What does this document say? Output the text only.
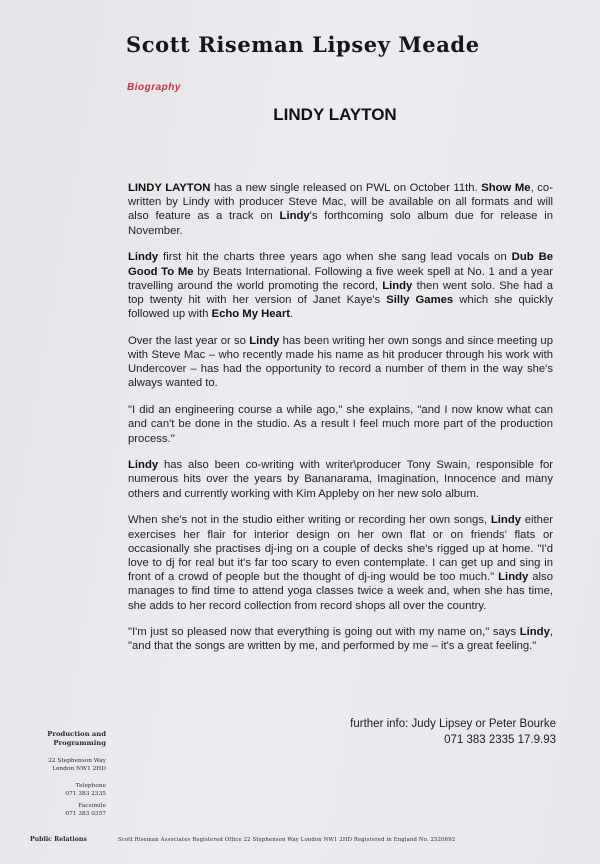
Scott Riseman Lipsey Meade
Biography
LINDY LAYTON

LINDY LAYTON has a new single released on PWL on October 11th. Show Me, co-written by Lindy with producer Steve Mac, will be available on all formats and will also feature as a track on Lindy's forthcoming solo album due for release in November.

Lindy first hit the charts three years ago when she sang lead vocals on Dub Be Good To Me by Beats International. Following a five week spell at No. 1 and a year travelling around the world promoting the record, Lindy then went solo. She had a top twenty hit with her version of Janet Kaye's Silly Games which she quickly followed up with Echo My Heart.

Over the last year or so Lindy has been writing her own songs and since meeting up with Steve Mac – who recently made his name as hit producer through his work with Undercover – has had the opportunity to record a number of them in the way she's always wanted to.

"I did an engineering course a while ago," she explains, "and I now know what can and can't be done in the studio. As a result I feel much more part of the production process."

Lindy has also been co-writing with writer\producer Tony Swain, responsible for numerous hits over the years by Bananarama, Imagination, Innocence and many others and currently working with Kim Appleby on her new solo album.

When she's not in the studio either writing or recording her own songs, Lindy either exercises her flair for interior design on her own flat or on friends' flats or occasionally she practises dj-ing on a couple of decks she's rigged up at home. "I'd love to dj for real but it's far too scary to even contemplate. I can get up and sing in front of a crowd of people but the thought of dj-ing would be too much." Lindy also manages to find time to attend yoga classes twice a week and, when she has time, she adds to her record collection from record shops all over the country.

"I'm just so pleased now that everything is going out with my name on," says Lindy, "and that the songs are written by me, and performed by me – it's a great feeling."

further info: Judy Lipsey or Peter Bourke
071 383 2335 17.9.93
Production and
Programming
22 Stephenson Way
London NW1 2HD
Telephone
071 383 2335
Facsimile
071 383 0357
Public Relations	Scott Riseman Associates Registered Office 22 Stephenson Way London NW1 2HD Registered in England No. 2520692
